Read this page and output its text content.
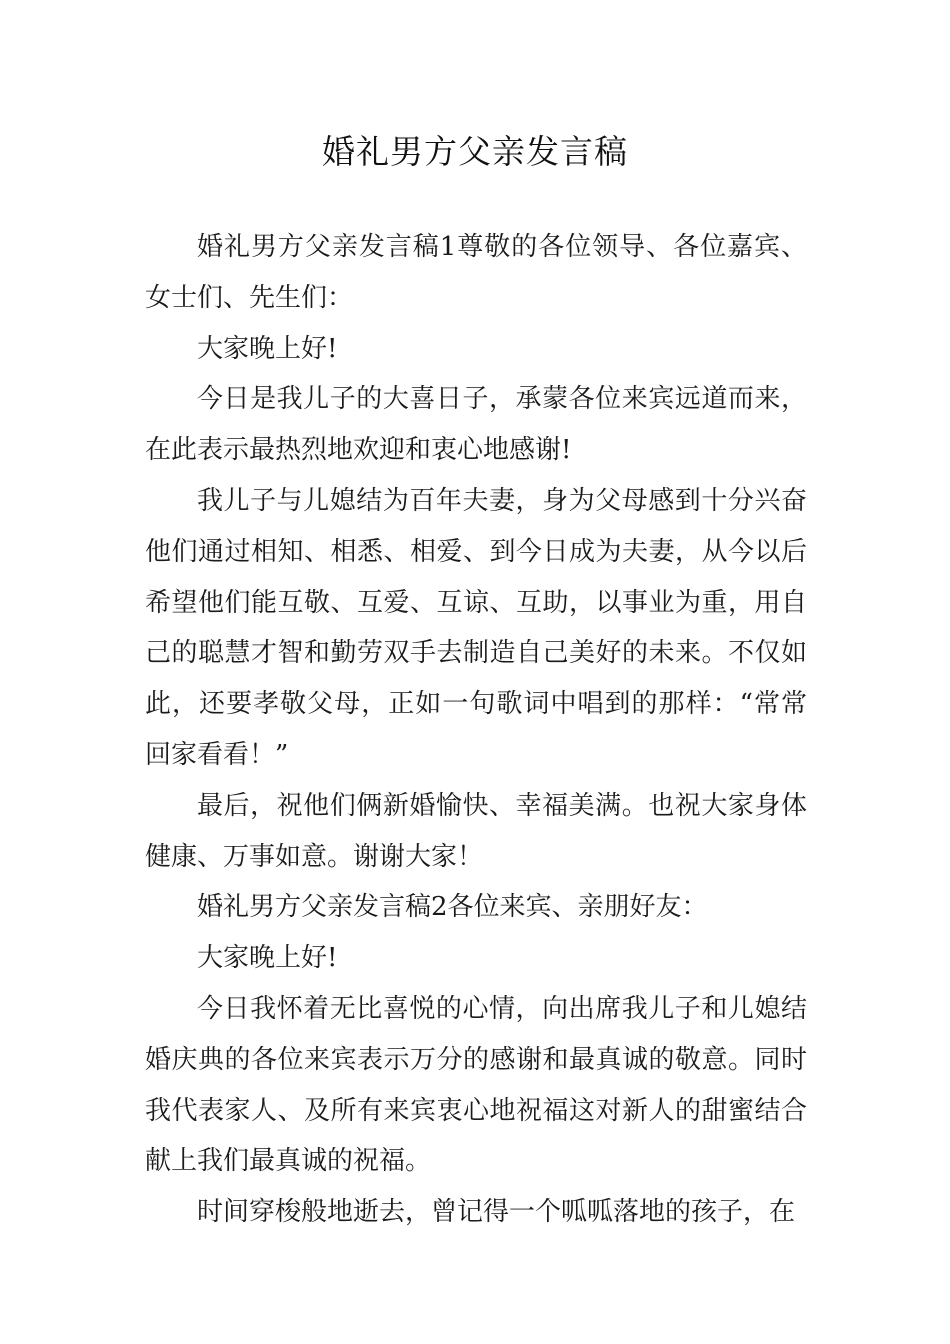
婚礼男方父亲发言稿

婚礼男方父亲发言稿1尊敬的各位领导、各位嘉宾、女士们、先生们：

大家晚上好!

今日是我儿子的大喜日子，承蒙各位来宾远道而来，在此表示最热烈地欢迎和衷心地感谢!

我儿子与儿媳结为百年夫妻，身为父母感到十分兴奋他们通过相知、相悉、相爱、到今日成为夫妻，从今以后希望他们能互敬、互爱、互谅、互助，以事业为重，用自己的聪慧才智和勤劳双手去制造自己美好的未来。不仅如此，还要孝敬父母，正如一句歌词中唱到的那样：“常常回家看看！”

最后，祝他们俩新婚愉快、幸福美满。也祝大家身体健康、万事如意。谢谢大家！

婚礼男方父亲发言稿2各位来宾、亲朋好友：

大家晚上好!

今日我怀着无比喜悦的心情，向出席我儿子和儿媳结婚庆典的各位来宾表示万分的感谢和最真诚的敬意。同时我代表家人、及所有来宾衷心地祝福这对新人的甜蜜结合献上我们最真诚的祝福。

时间穿梭般地逝去，曾记得一个呱呱落地的孩子，在
